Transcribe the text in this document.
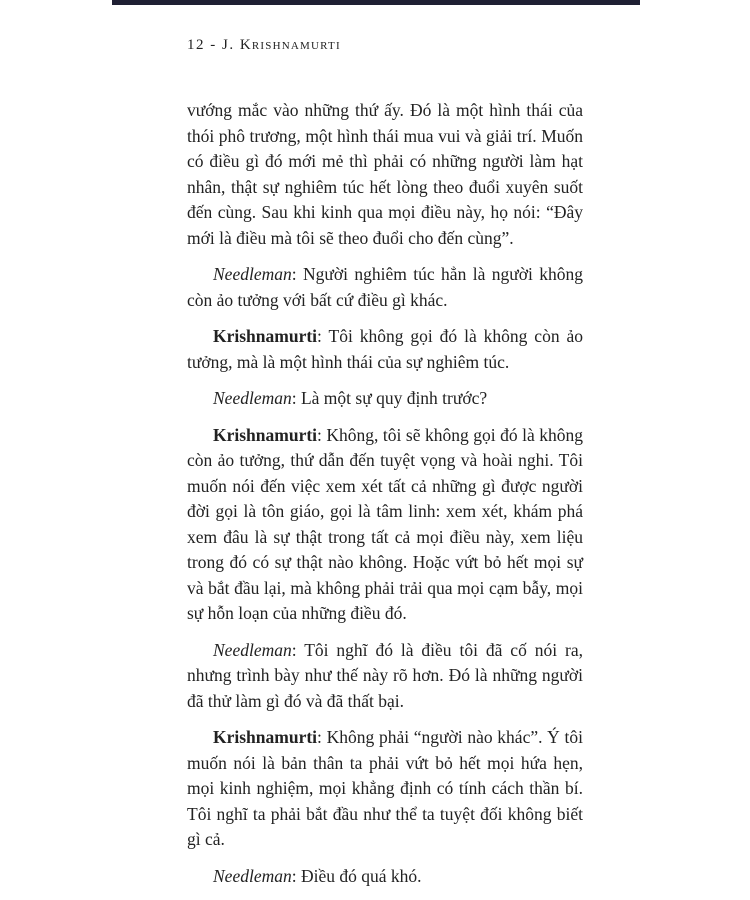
12 - J. Krishnamurti

vướng mắc vào những thứ ấy. Đó là một hình thái của thói phô trương, một hình thái mua vui và giải trí. Muốn có điều gì đó mới mẻ thì phải có những người làm hạt nhân, thật sự nghiêm túc hết lòng theo đuổi xuyên suốt đến cùng. Sau khi kinh qua mọi điều này, họ nói: “Đây mới là điều mà tôi sẽ theo đuổi cho đến cùng”.

Needleman: Người nghiêm túc hẳn là người không còn ảo tưởng với bất cứ điều gì khác.

Krishnamurti: Tôi không gọi đó là không còn ảo tưởng, mà là một hình thái của sự nghiêm túc.

Needleman: Là một sự quy định trước?

Krishnamurti: Không, tôi sẽ không gọi đó là không còn ảo tưởng, thứ dẫn đến tuyệt vọng và hoài nghi. Tôi muốn nói đến việc xem xét tất cả những gì được người đời gọi là tôn giáo, gọi là tâm linh: xem xét, khám phá xem đâu là sự thật trong tất cả mọi điều này, xem liệu trong đó có sự thật nào không. Hoặc vứt bỏ hết mọi sự và bắt đầu lại, mà không phải trải qua mọi cạm bẫy, mọi sự hỗn loạn của những điều đó.

Needleman: Tôi nghĩ đó là điều tôi đã cố nói ra, nhưng trình bày như thế này rõ hơn. Đó là những người đã thử làm gì đó và đã thất bại.

Krishnamurti: Không phải “người nào khác”. Ý tôi muốn nói là bản thân ta phải vứt bỏ hết mọi hứa hẹn, mọi kinh nghiệm, mọi khẳng định có tính cách thần bí. Tôi nghĩ ta phải bắt đầu như thể ta tuyệt đối không biết gì cả.

Needleman: Điều đó quá khó.
